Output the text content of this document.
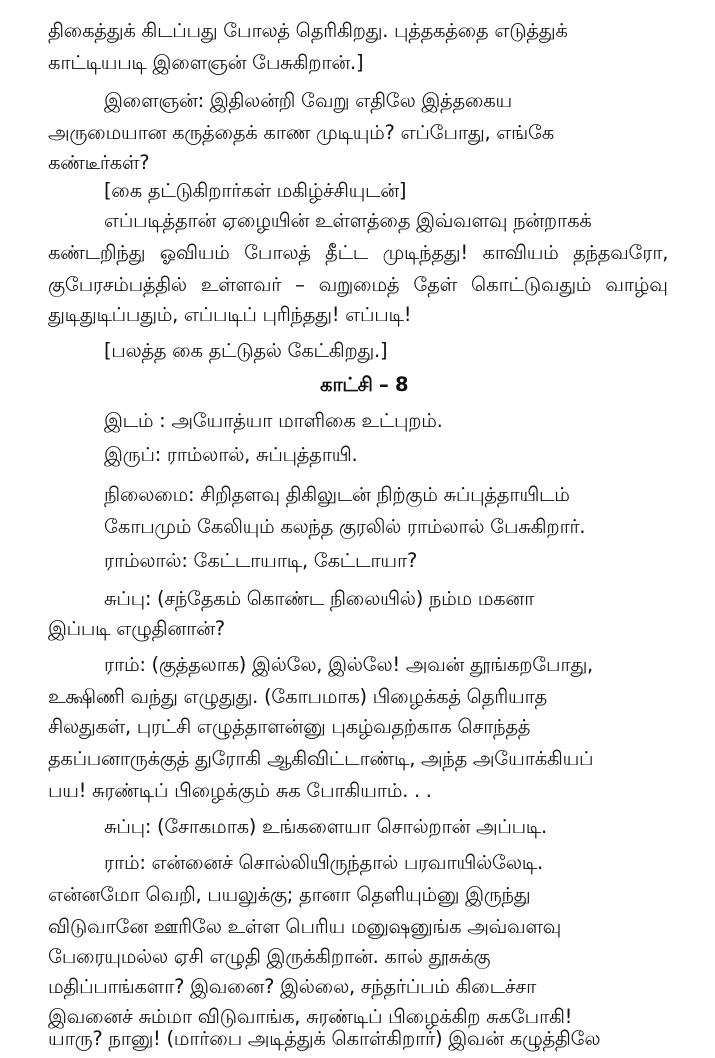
திகைத்துக் கிடப்பது போலத் தெரிகிறது. புத்தகத்தை எடுத்துக்
காட்டியபடி இளைஞன் பேசுகிறான்.]
இளைஞன்: இதிலன்றி வேறு எதிலே இத்தகைய
அருமையான கருத்தைக் காண முடியும்? எப்போது, எங்கே
கண்டீர்கள்?
[கை தட்டுகிறார்கள் மகிழ்ச்சியுடன்]
எப்படித்தான் ஏழையின் உள்ளத்தை இவ்வளவு நன்றாகக்
கண்டறிந்து ஓவியம் போலத் தீட்ட முடிந்தது! காவியம் தந்தவரோ,
குபேரசம்பத்தில் உள்ளவர் – வறுமைத் தேள் கொட்டுவதும் வாழ்வு
துடிதுடிப்பதும், எப்படிப் புரிந்தது! எப்படி!
[பலத்த கை தட்டுதல் கேட்கிறது.]
காட்சி – 8
இடம் : அயோத்யா மாளிகை உட்புறம்.
இருப்: ராம்லால், சுப்புத்தாயி.
நிலைமை: சிறிதளவு திகிலுடன் நிற்கும் சுப்புத்தாயிடம்
கோபமும் கேலியும் கலந்த குரலில் ராம்லால் பேசுகிறார்.
ராம்லால்: கேட்டாயாடி, கேட்டாயா?
சுப்பு: (சந்தேகம் கொண்ட நிலையில்) நம்ம மகனா
இப்படி எழுதினான்?
ராம்: (குத்தலாக) இல்லே, இல்லே! அவன் தூங்கறபோது,
உக்ஷிணி வந்து எழுதுது. (கோபமாக) பிழைக்கத் தெரியாத
சிலதுகள், புரட்சி எழுத்தாளன்னு புகழ்வதற்காக சொந்தத்
தகப்பனாருக்குத் துரோகி ஆகிவிட்டாண்டி, அந்த அயோக்கியப்
பய! சுரண்டிப் பிழைக்கும் சுக போகியாம். . .
சுப்பு: (சோகமாக) உங்களையா சொல்றான் அப்படி.
ராம்: என்னைச் சொல்லியிருந்தால் பரவாயில்லேடி.
என்னமோ வெறி, பயலுக்கு; தானா தெளியும்னு இருந்து
விடுவானே ஊரிலே உள்ள பெரிய மனுஷனுங்க அவ்வளவு
பேரையுமல்ல ஏசி எழுதி இருக்கிறான். கால் தூசுக்கு
மதிப்பாங்களா? இவனை? இல்லை, சந்தர்ப்பம் கிடைச்சா
இவனைச் சும்மா விடுவாங்க, சுரண்டிப் பிழைக்கிற சுகபோகி!
யாரு? நானு! (மார்பை அடித்துக் கொள்கிறார்) இவன் கழுத்திலே
